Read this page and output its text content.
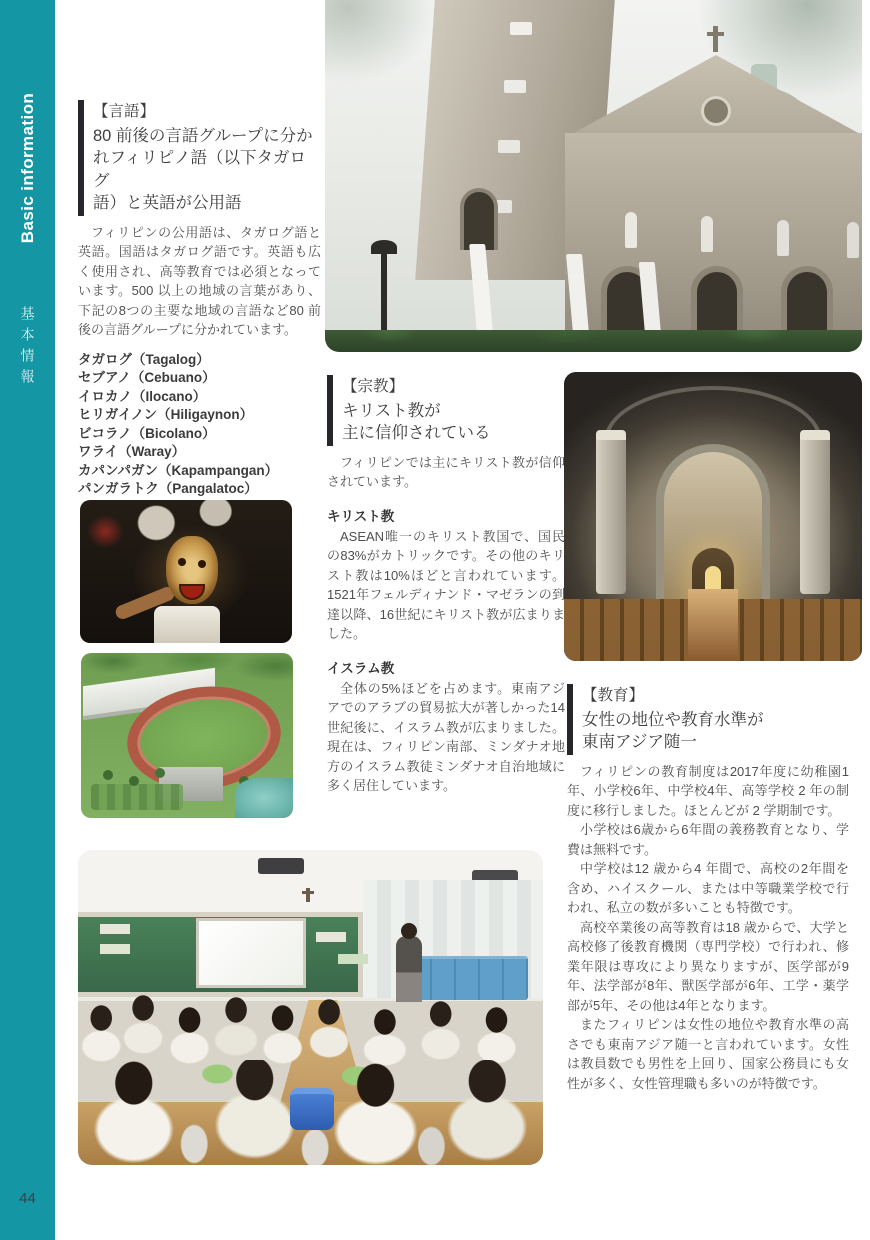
Basic information
基本情報
44
【言語】
80 前後の言語グループに分か
れフィリピノ語（以下タガログ
語）と英語が公用語

フィリピンの公用語は、タガログ語と英語。国語はタガログ語です。英語も広く使用され、高等教育では必須となっています。500 以上の地域の言葉があり、下記の8つの主要な地域の言語など80 前後の言語グループに分かれています。

タガログ（Tagalog）
セブアノ（Cebuano）
イロカノ（Ilocano）
ヒリガイノン（Hiligaynon）
ビコラノ（Bicolano）
ワライ（Waray）
カパンパガン（Kapampangan）
パンガラトク（Pangalatoc）
【宗教】
キリスト教が
主に信仰されている

フィリピンでは主にキリスト教が信仰されています。

キリスト教

ASEAN唯一のキリスト教国で、国民の83%がカトリックです。その他のキリスト教は10%ほどと言われています。1521年フェルディナンド・マゼランの到達以降、16世紀にキリスト教が広まりました。

イスラム教

全体の5%ほどを占めます。東南アジアでのアラブの貿易拡大が著しかった14世紀後に、イスラム教が広まりました。現在は、フィリピン南部、ミンダナオ地方のイスラム教徒ミンダナオ自治地域に多く居住しています。

【教育】
女性の地位や教育水準が
東南アジア随一

フィリピンの教育制度は2017年度に幼稚園1年、小学校6年、中学校4年、高等学校 2 年の制度に移行しました。ほとんどが 2 学期制です。

小学校は6歳から6年間の義務教育となり、学費は無料です。

中学校は12 歳から4 年間で、高校の2年間を含め、ハイスクール、または中等職業学校で行われ、私立の数が多いことも特徴です。

高校卒業後の高等教育は18 歳からで、大学と高校修了後教育機関（専門学校）で行われ、修業年限は専攻により異なりますが、医学部が9年、法学部が8年、獣医学部が6年、工学・薬学部が5年、その他は4年となります。

またフィリピンは女性の地位や教育水準の高さでも東南アジア随一と言われています。女性は教員数でも男性を上回り、国家公務員にも女性が多く、女性管理職も多いのが特徴です。
